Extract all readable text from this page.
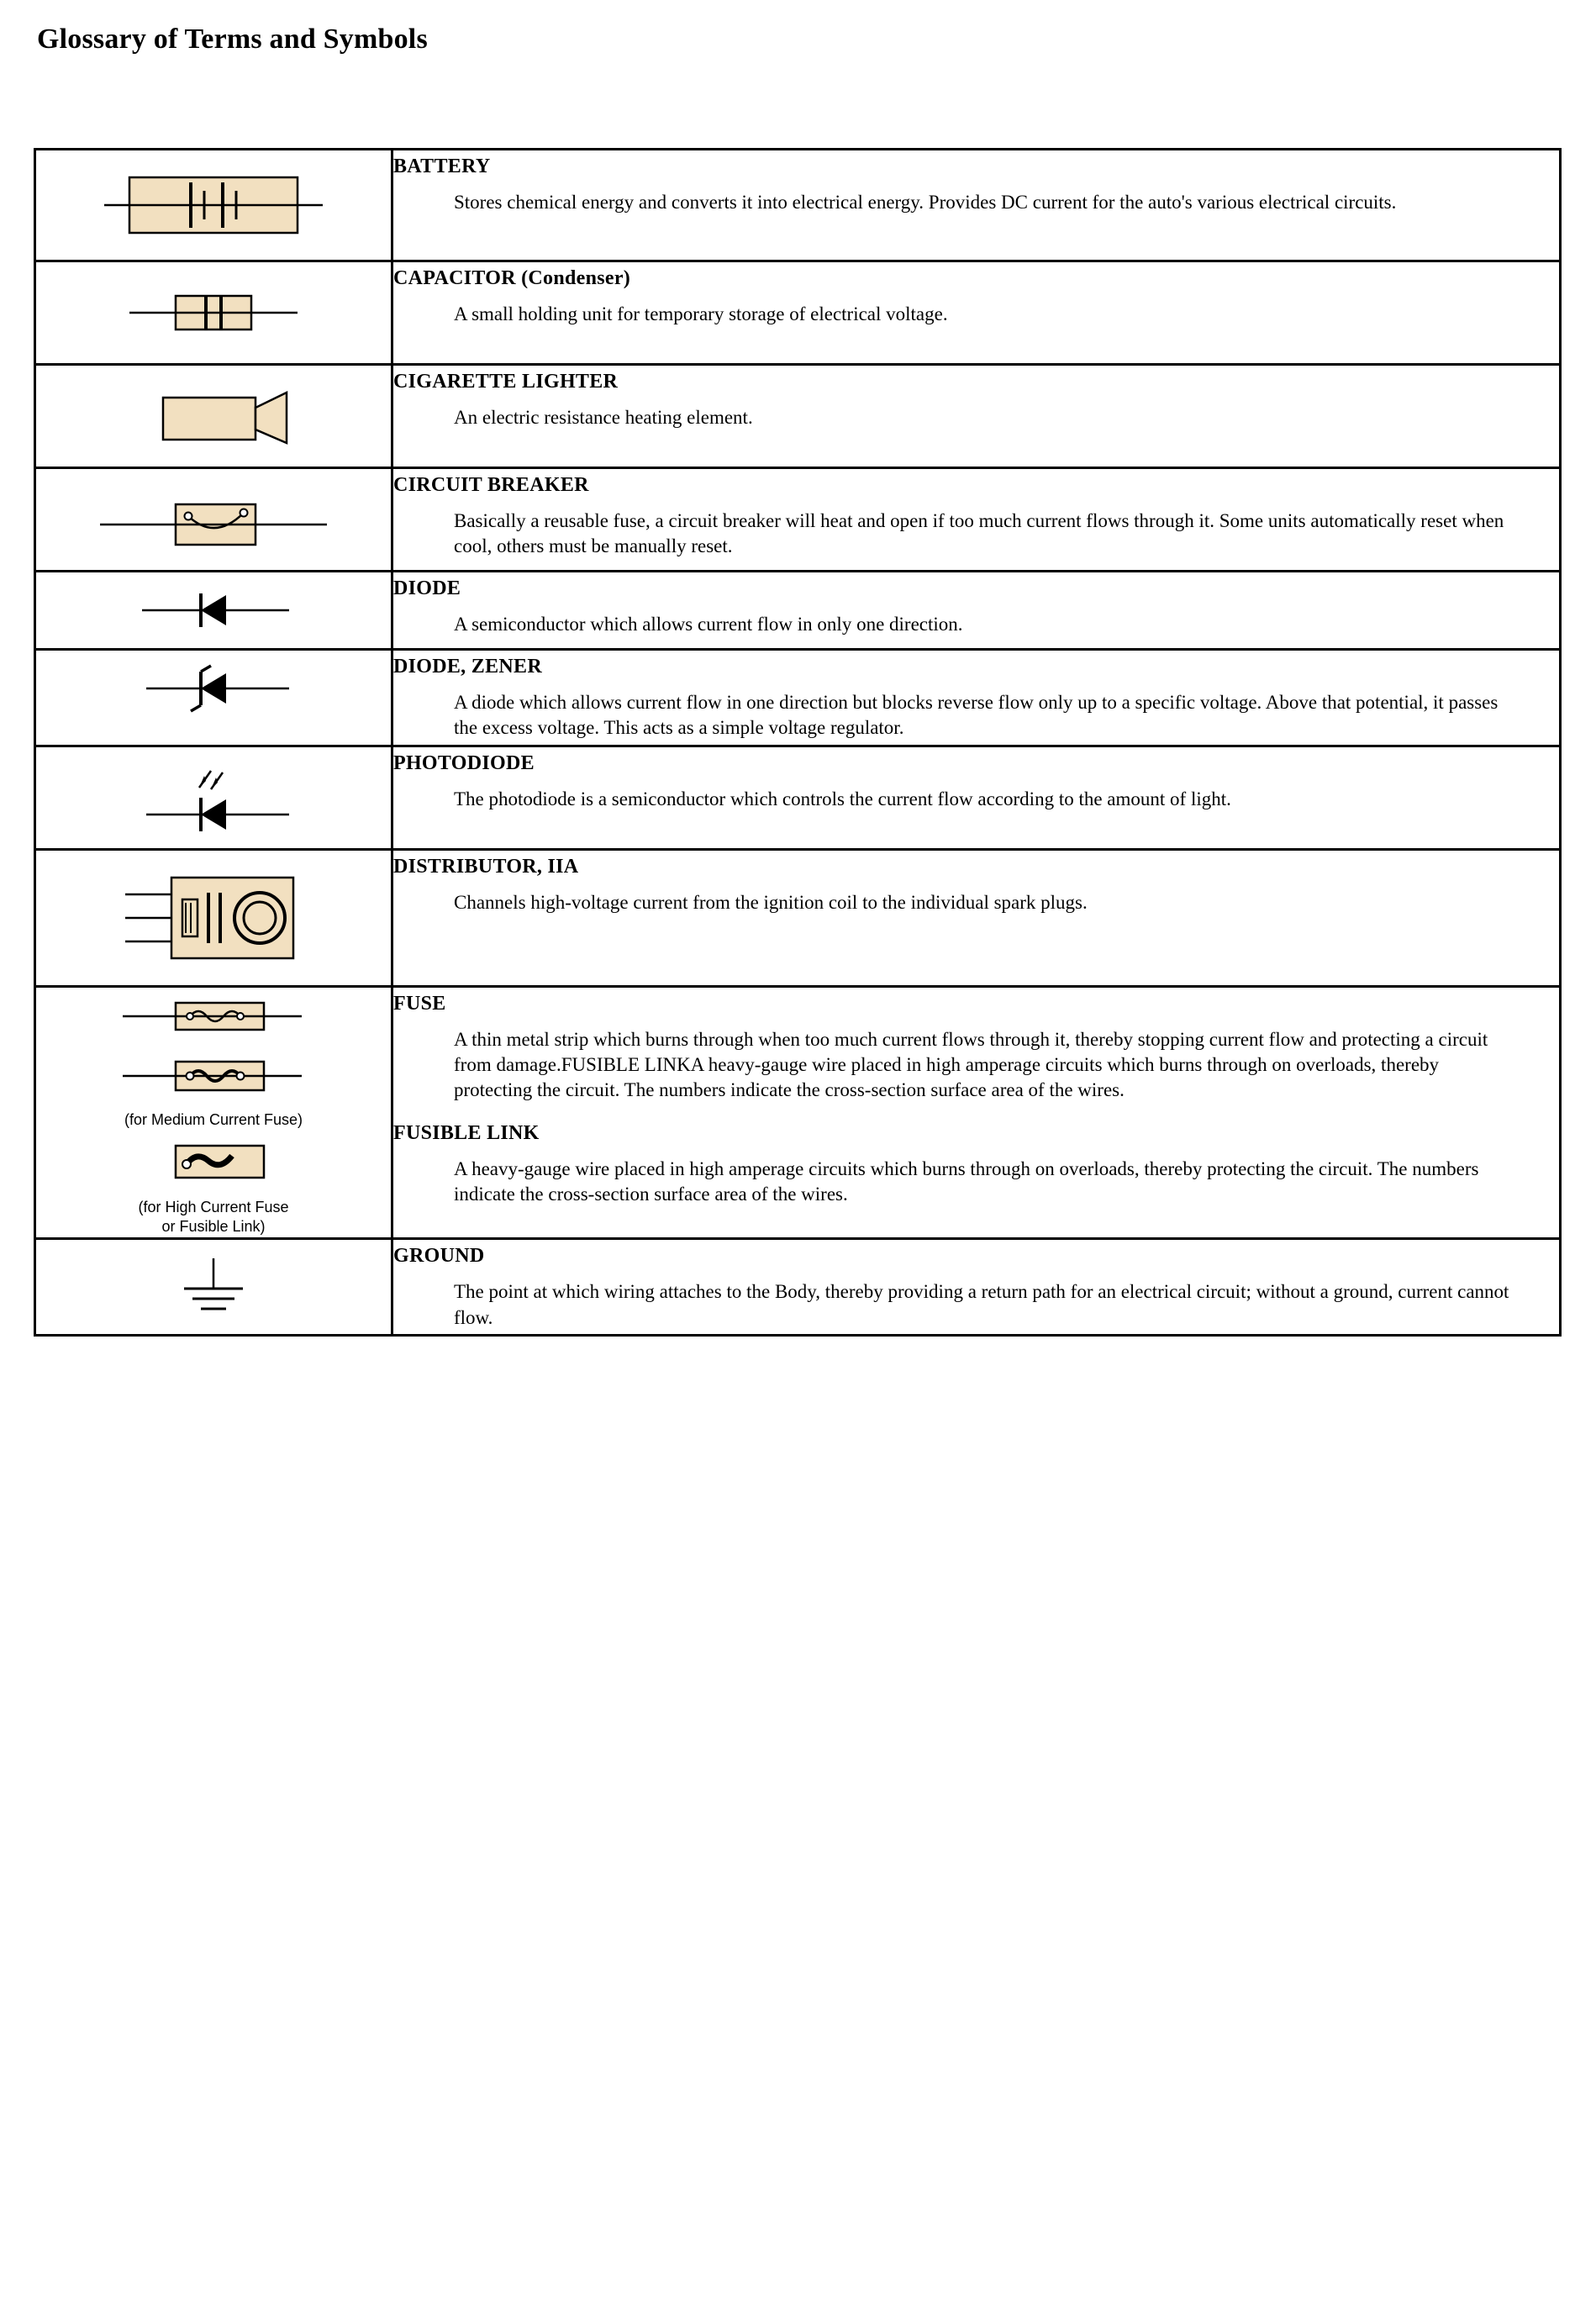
Glossary of Terms and Symbols

BATTERY
Stores chemical energy and converts it into electrical energy. Provides DC current for the auto's various electrical circuits.

CAPACITOR (Condenser)
A small holding unit for temporary storage of electrical voltage.

CIGARETTE LIGHTER
An electric resistance heating element.

CIRCUIT BREAKER
Basically a reusable fuse, a circuit breaker will heat and open if too much current flows through it. Some units automatically reset when cool, others must be manually reset.

DIODE
A semiconductor which allows current flow in only one direction.

DIODE, ZENER
A diode which allows current flow in one direction but blocks reverse flow only up to a specific voltage. Above that potential, it passes the excess voltage. This acts as a simple voltage regulator.

PHOTODIODE
The photodiode is a semiconductor which controls the current flow according to the amount of light.

DISTRIBUTOR, IIA
Channels high-voltage current from the ignition coil to the individual spark plugs.

(for Medium Current Fuse)
(for High Current Fuse
or Fusible Link)

FUSE
A thin metal strip which burns through when too much current flows through it, thereby stopping current flow and protecting a circuit from damage.FUSIBLE LINKA heavy-gauge wire placed in high amperage circuits which burns through on overloads, thereby protecting the circuit. The numbers indicate the cross-section surface area of the wires.
FUSIBLE LINK
A heavy-gauge wire placed in high amperage circuits which burns through on overloads, thereby protecting the circuit. The numbers indicate the cross-section surface area of the wires.

GROUND
The point at which wiring attaches to the Body, thereby providing a return path for an electrical circuit; without a ground, current cannot flow.
